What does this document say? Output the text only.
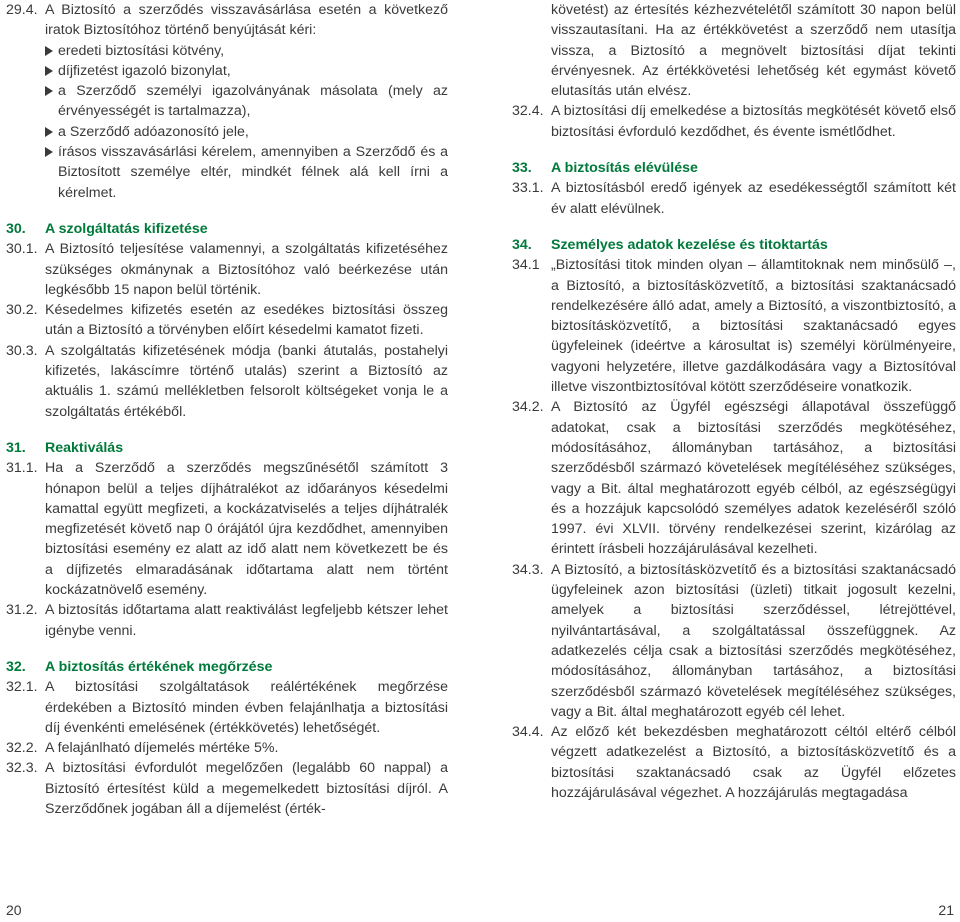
29.4. A Biztosító a szerződés visszavásárlása esetén a következő iratok Biztosítóhoz történő benyújtását kéri:
eredeti biztosítási kötvény,
díjfizetést igazoló bizonylat,
a Szerződő személyi igazolványának másolata (mely az érvényességét is tartalmazza),
a Szerződő adóazonosító jele,
írásos visszavásárlási kérelem, amennyiben a Szerződő és a Biztosított személye eltér, mindkét félnek alá kell írni a kérelmet.
30.	A szolgáltatás kifizetése
30.1. A Biztosító teljesítése valamennyi, a szolgáltatás kifizetéséhez szükséges okmánynak a Biztosítóhoz való beérkezése után legkésőbb 15 napon belül történik.
30.2. Késedelmes kifizetés esetén az esedékes biztosítási összeg után a Biztosító a törvényben előírt késedelmi kamatot fizeti.
30.3. A szolgáltatás kifizetésének módja (banki átutalás, postahelyi kifizetés, lakáscímre történő utalás) szerint a Biztosító az aktuális 1. számú mellékletben felsorolt költségeket vonja le a szolgáltatás értékéből.
31.	Reaktiválás
31.1. Ha a Szerződő a szerződés megszűnésétől számított 3 hónapon belül a teljes díjhátralékot az időarányos késedelmi kamattal együtt megfizeti, a kockázatviselés a teljes díjhátralék megfizetését követő nap 0 órájától újra kezdődhet, amennyiben biztosítási esemény ez alatt az idő alatt nem következett be és a díjfizetés elmaradásának időtartama alatt nem történt kockázatnövelő esemény.
31.2. A biztosítás időtartama alatt reaktiválást legfeljebb kétszer lehet igénybe venni.
32.	A biztosítás értékének megőrzése
32.1. A biztosítási szolgáltatások reálértékének megőrzése érdekében a Biztosító minden évben felajánlhatja a biztosítási díj évenkénti emelésének (értékkövetés) lehetőségét.
32.2. A felajánlható díjemelés mértéke 5%.
32.3. A biztosítási évfordulót megelőzően (legalább 60 nappal) a Biztosító értesítést küld a megemelkedett biztosítási díjról. A Szerződőnek jogában áll a díjemelést (érték-
követést) az értesítés kézhezvételétől számított 30 napon belül visszautasítani. Ha az értékkövetést a szerződő nem utasítja vissza, a Biztosító a megnövelt biztosítási díjat tekinti érvényesnek. Az értékkövetési lehetőség két egymást követő elutasítás után elvész.
32.4. A biztosítási díj emelkedése a biztosítás megkötését követő első biztosítási évforduló kezdődhet, és évente ismétlődhet.
33.	A biztosítás elévülése
33.1. A biztosításból eredő igények az esedékességtől számított két év alatt elévülnek.
34.	Személyes adatok kezelése és titoktartás
34.1 „Biztosítási titok minden olyan – államtitoknak nem minősülő –, a Biztosító, a biztosításközvetítő, a biztosítási szaktanácsadó rendelkezésére álló adat, amely a Biztosító, a viszontbiztosító, a biztosításközvetítő, a biztosítási szaktanácsadó egyes ügyfeleinek (ideértve a károsultat is) személyi körülményeire, vagyoni helyzetére, illetve gazdálkodására vagy a Biztosítóval illetve viszontbiztosítóval kötött szerződéseire vonatkozik.
34.2. A Biztosító az Ügyfél egészségi állapotával összefüggő adatokat, csak a biztosítási szerződés megkötéséhez, módosításához, állományban tartásához, a biztosítási szerződésből származó követelések megítéléséhez szükséges, vagy a Bit. által meghatározott egyéb célból, az egészségügyi és a hozzájuk kapcsolódó személyes adatok kezeléséről szóló 1997. évi XLVII. törvény rendelkezései szerint, kizárólag az érintett írásbeli hozzájárulásával kezelheti.
34.3. A Biztosító, a biztosításközvetítő és a biztosítási szaktanácsadó ügyfeleinek azon biztosítási (üzleti) titkait jogosult kezelni, amelyek a biztosítási szerződéssel, létrejöttével, nyilvántartásával, a szolgáltatással összefüggnek. Az adatkezelés célja csak a biztosítási szerződés megkötéséhez, módosításához, állományban tartásához, a biztosítási szerződésből származó követelések megítéléséhez szükséges, vagy a Bit. által meghatározott egyéb cél lehet.
34.4. Az előző két bekezdésben meghatározott céltól eltérő célból végzett adatkezelést a Biztosító, a biztosításközvetítő és a biztosítási szaktanácsadó csak az Ügyfél előzetes hozzájárulásával végezhet. A hozzájárulás megtagadása
20	21
